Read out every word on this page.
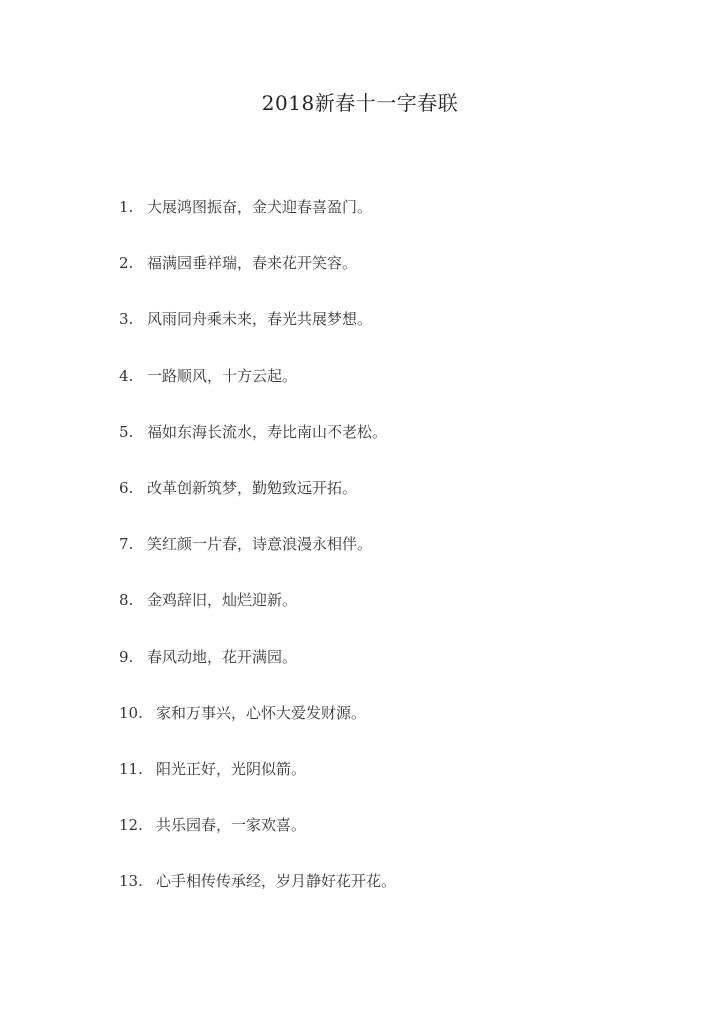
2018新春十一字春联
1. 大展鸿图振奋，金犬迎春喜盈门。
2. 福满园垂祥瑞，春来花开笑容。
3. 风雨同舟乘未来，春光共展梦想。
4. 一路顺风，十方云起。
5. 福如东海长流水，寿比南山不老松。
6. 改革创新筑梦，勤勉致远开拓。
7. 笑红颜一片春，诗意浪漫永相伴。
8. 金鸡辞旧，灿烂迎新。
9. 春风动地，花开满园。
10. 家和万事兴，心怀大爱发财源。
11. 阳光正好，光阴似箭。
12. 共乐园春，一家欢喜。
13. 心手相传传承经，岁月静好花开花。
